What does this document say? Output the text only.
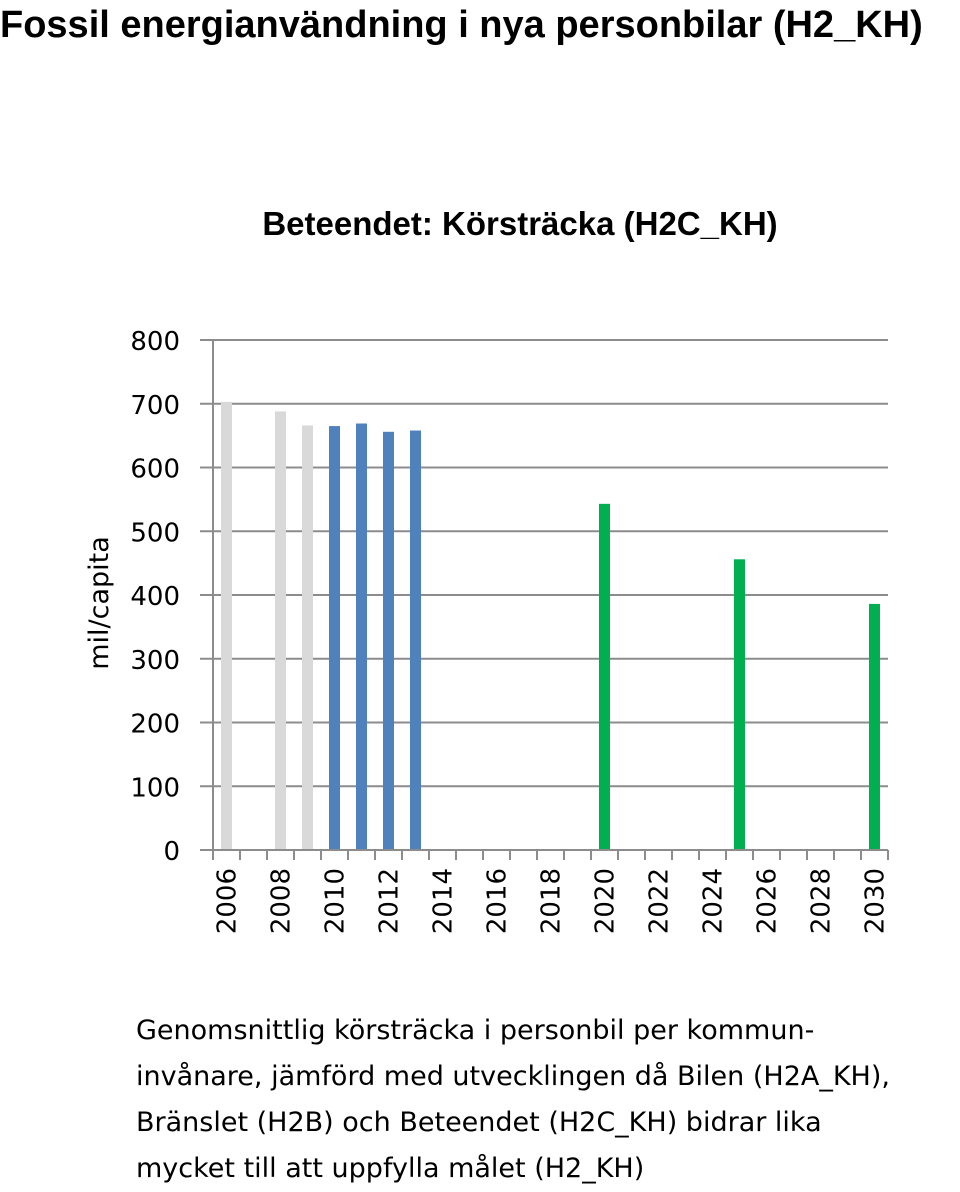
Fossil energianvändning i nya personbilar (H2_KH)
Beteendet: Körsträcka (H2C_KH)
0
100
200
300
400
500
600
700
800
mil/capita
2006 2008 2010 2012 2014 2016 2018 2020 2022 2024 2026 2028 2030
Genomsnittlig körsträcka i personbil per kommun-
invånare, jämförd med utvecklingen då Bilen (H2A_KH),
Bränslet (H2B) och Beteendet (H2C_KH) bidrar lika
mycket till att uppfylla målet (H2_KH)
